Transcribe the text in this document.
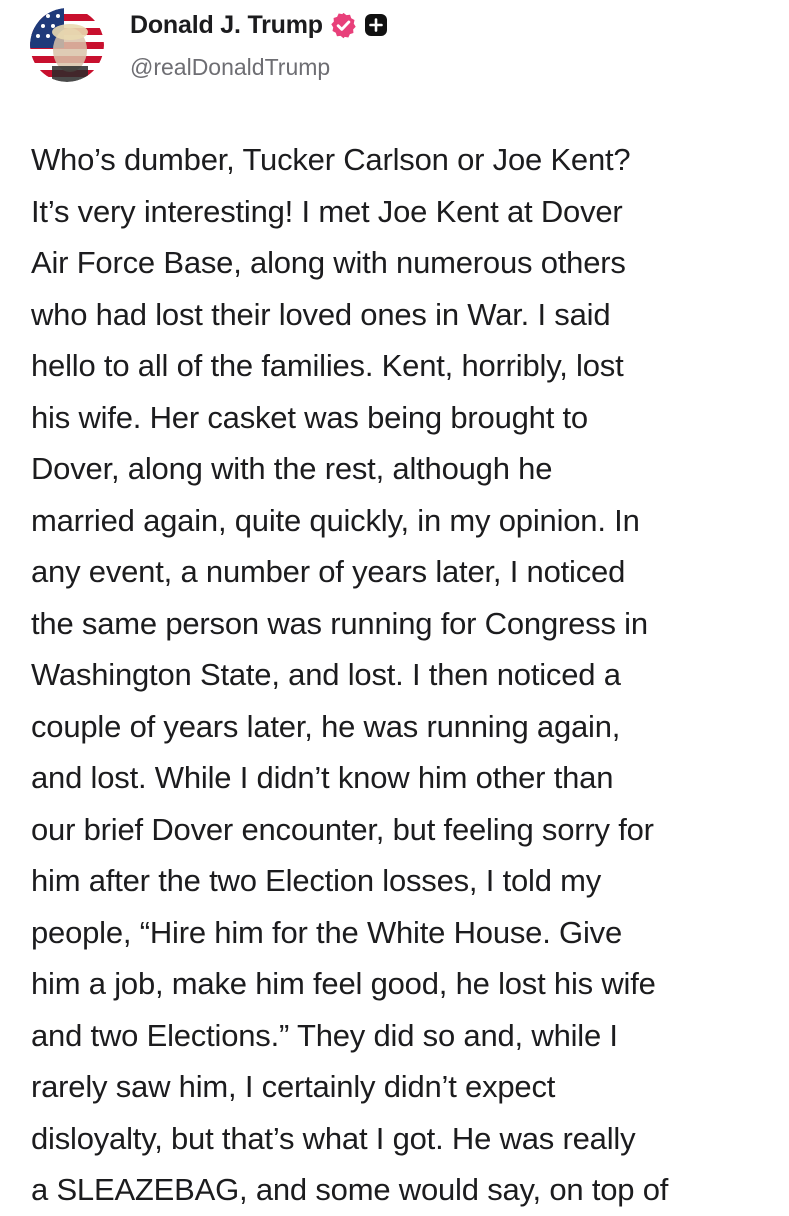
Donald J. Trump
@realDonaldTrump
Who’s dumber, Tucker Carlson or Joe Kent?
It’s very interesting! I met Joe Kent at Dover
Air Force Base, along with numerous others
who had lost their loved ones in War. I said
hello to all of the families. Kent, horribly, lost
his wife. Her casket was being brought to
Dover, along with the rest, although he
married again, quite quickly, in my opinion. In
any event, a number of years later, I noticed
the same person was running for Congress in
Washington State, and lost. I then noticed a
couple of years later, he was running again,
and lost. While I didn’t know him other than
our brief Dover encounter, but feeling sorry for
him after the two Election losses, I told my
people, “Hire him for the White House. Give
him a job, make him feel good, he lost his wife
and two Elections.” They did so and, while I
rarely saw him, I certainly didn’t expect
disloyalty, but that’s what I got. He was really
a SLEAZEBAG, and some would say, on top of
